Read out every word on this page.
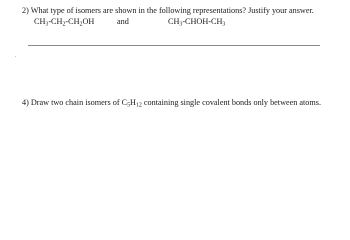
2) What type of isomers are shown in the following representations? Justify your answer.
$CH_3-CH_2-CH_2OH$	and	$CH_3-CHOH-CH_3$
4) Draw two chain isomers of $C_5H_{12}$ containing single covalent bonds only between atoms.
